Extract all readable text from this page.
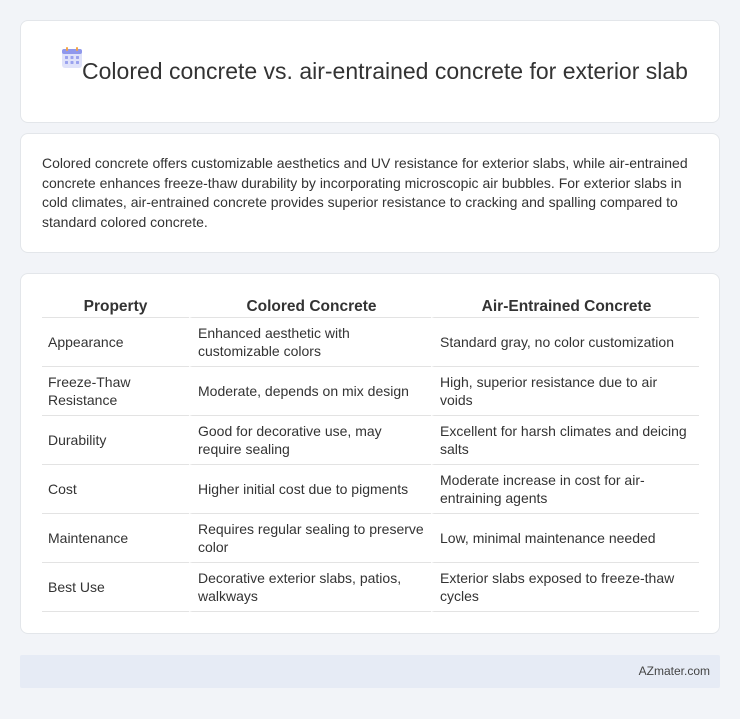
Colored concrete vs. air-entrained concrete for exterior slab

Colored concrete offers customizable aesthetics and UV resistance for exterior slabs, while air-entrained concrete enhances freeze-thaw durability by incorporating microscopic air bubbles. For exterior slabs in cold climates, air-entrained concrete provides superior resistance to cracking and spalling compared to standard colored concrete.

Property	Colored Concrete	Air-Entrained Concrete
Appearance	Enhanced aesthetic with customizable colors	Standard gray, no color customization
Freeze-Thaw Resistance	Moderate, depends on mix design	High, superior resistance due to air voids
Durability	Good for decorative use, may require sealing	Excellent for harsh climates and deicing salts
Cost	Higher initial cost due to pigments	Moderate increase in cost for air-entraining agents
Maintenance	Requires regular sealing to preserve color	Low, minimal maintenance needed
Best Use	Decorative exterior slabs, patios, walkways	Exterior slabs exposed to freeze-thaw cycles
AZmater.com
